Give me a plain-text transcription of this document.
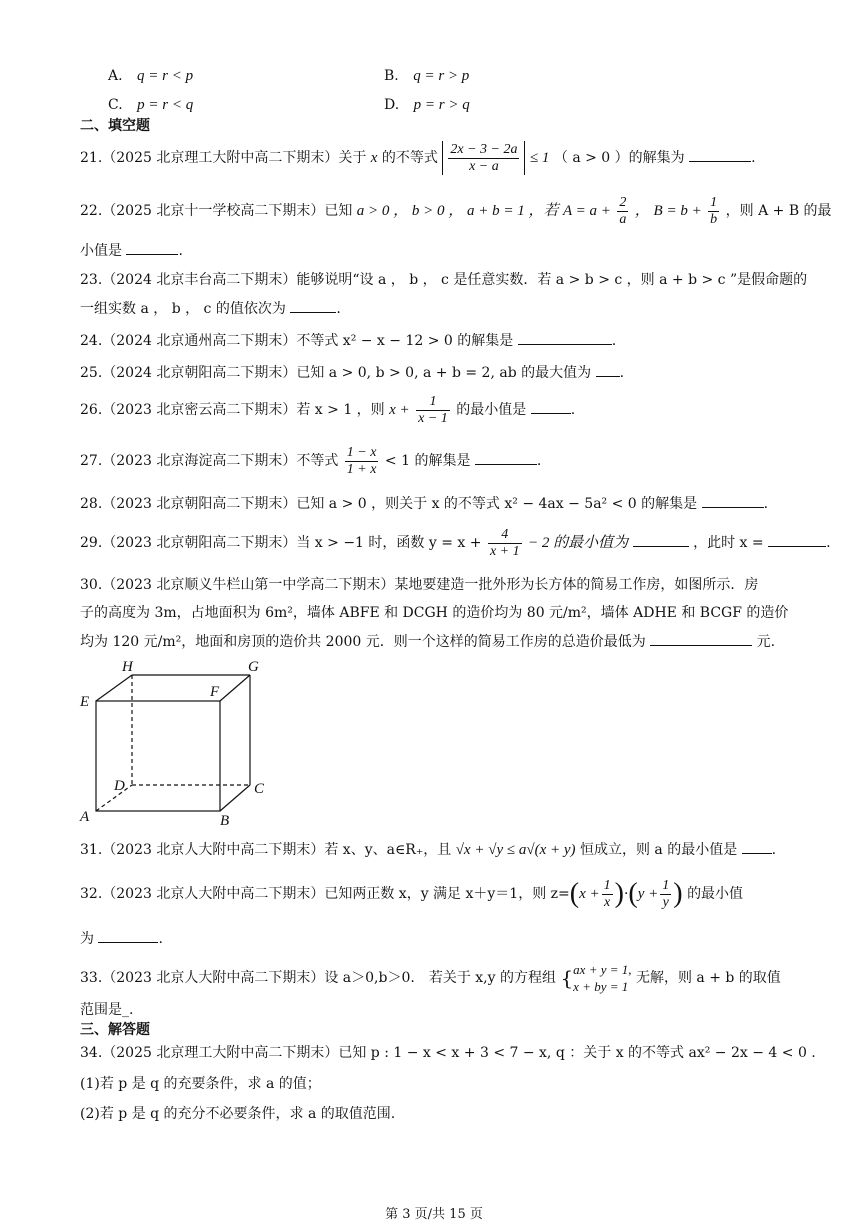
A. q = r < p	B. q = r > p
C. p = r < q	D. p = r > q
二、填空题
21.（2025 北京理工大附中高二下期末）关于 x 的不等式 $\frac{2x - 3 - 2a}{x - a} \le 1$ （ a > 0 ）的解集为	.
22.（2025 北京十一学校高二下期末）已知 a > 0 ， b > 0 ， a + b = 1 ，若 $A = a + \frac{2}{a}$ ， $B = b + \frac{1}{b}$ ，则 A + B 的最
小值是	.
23.（2024 北京丰台高二下期末）能够说明“设 a ， b ， c 是任意实数．若 a > b > c ，则 a + b > c ”是假命题的
一组实数 a ， b ， c 的值依次为	.
24.（2024 北京通州高二下期末）不等式 x² − x − 12 > 0 的解集是	.
25.（2024 北京朝阳高二下期末）已知 a > 0, b > 0, a + b = 2, ab 的最大值为 .
26.（2023 北京密云高二下期末）若 x > 1 ，则 $x + \frac{1}{x - 1}$ 的最小值是	.
27.（2023 北京海淀高二下期末）不等式 $\frac{1 - x}{1 + x} < 1$ 的解集是	.
28.（2023 北京朝阳高二下期末）已知 a > 0 ，则关于 x 的不等式 x² − 4ax − 5a² < 0 的解集是	.
29.（2023 北京朝阳高二下期末）当 x > −1 时，函数 $y = x + \frac{4}{x + 1} - 2$ 的最小值为	，此时 x =	.
30.（2023 北京顺义牛栏山第一中学高二下期末）某地要建造一批外形为长方体的简易工作房，如图所示．房
子的高度为 3m，占地面积为 6m²，墙体 ABFE 和 DCGH 的造价均为 80 元/m²，墙体 ADHE 和 BCGF 的造价
均为 120 元/m²，地面和房顶的造价共 2000 元．则一个这样的简易工作房的总造价最低为	元.
H	G
E
F
D	C
A	B
31.（2023 北京人大附中高二下期末）若 x、y、a∈R₊，且 √x + √y ≤ a√(x + y) 恒成立，则 a 的最小值是 .
32.（2023 北京人大附中高二下期末）已知两正数 x，y 满足 x＋y＝1，则 $z=(x + \frac{1}{x} )\cdot(y + \frac{1}{y}$ ) 的最小值
为	.
33.（2023 北京人大附中高二下期末）设 a＞0,b＞0.　若关于 x,y 的方程组 { ax + y = 1,
x + by = 1
无解，则 a + b 的取值
范围是_.
三、解答题
34.（2025 北京理工大附中高二下期末）已知 p : 1 − x < x + 3 < 7 − x, q ：关于 x 的不等式 ax² − 2x − 4 < 0 .
(1)若 p 是 q 的充要条件，求 a 的值；
(2)若 p 是 q 的充分不必要条件，求 a 的取值范围.
第 3 页/共 15 页
